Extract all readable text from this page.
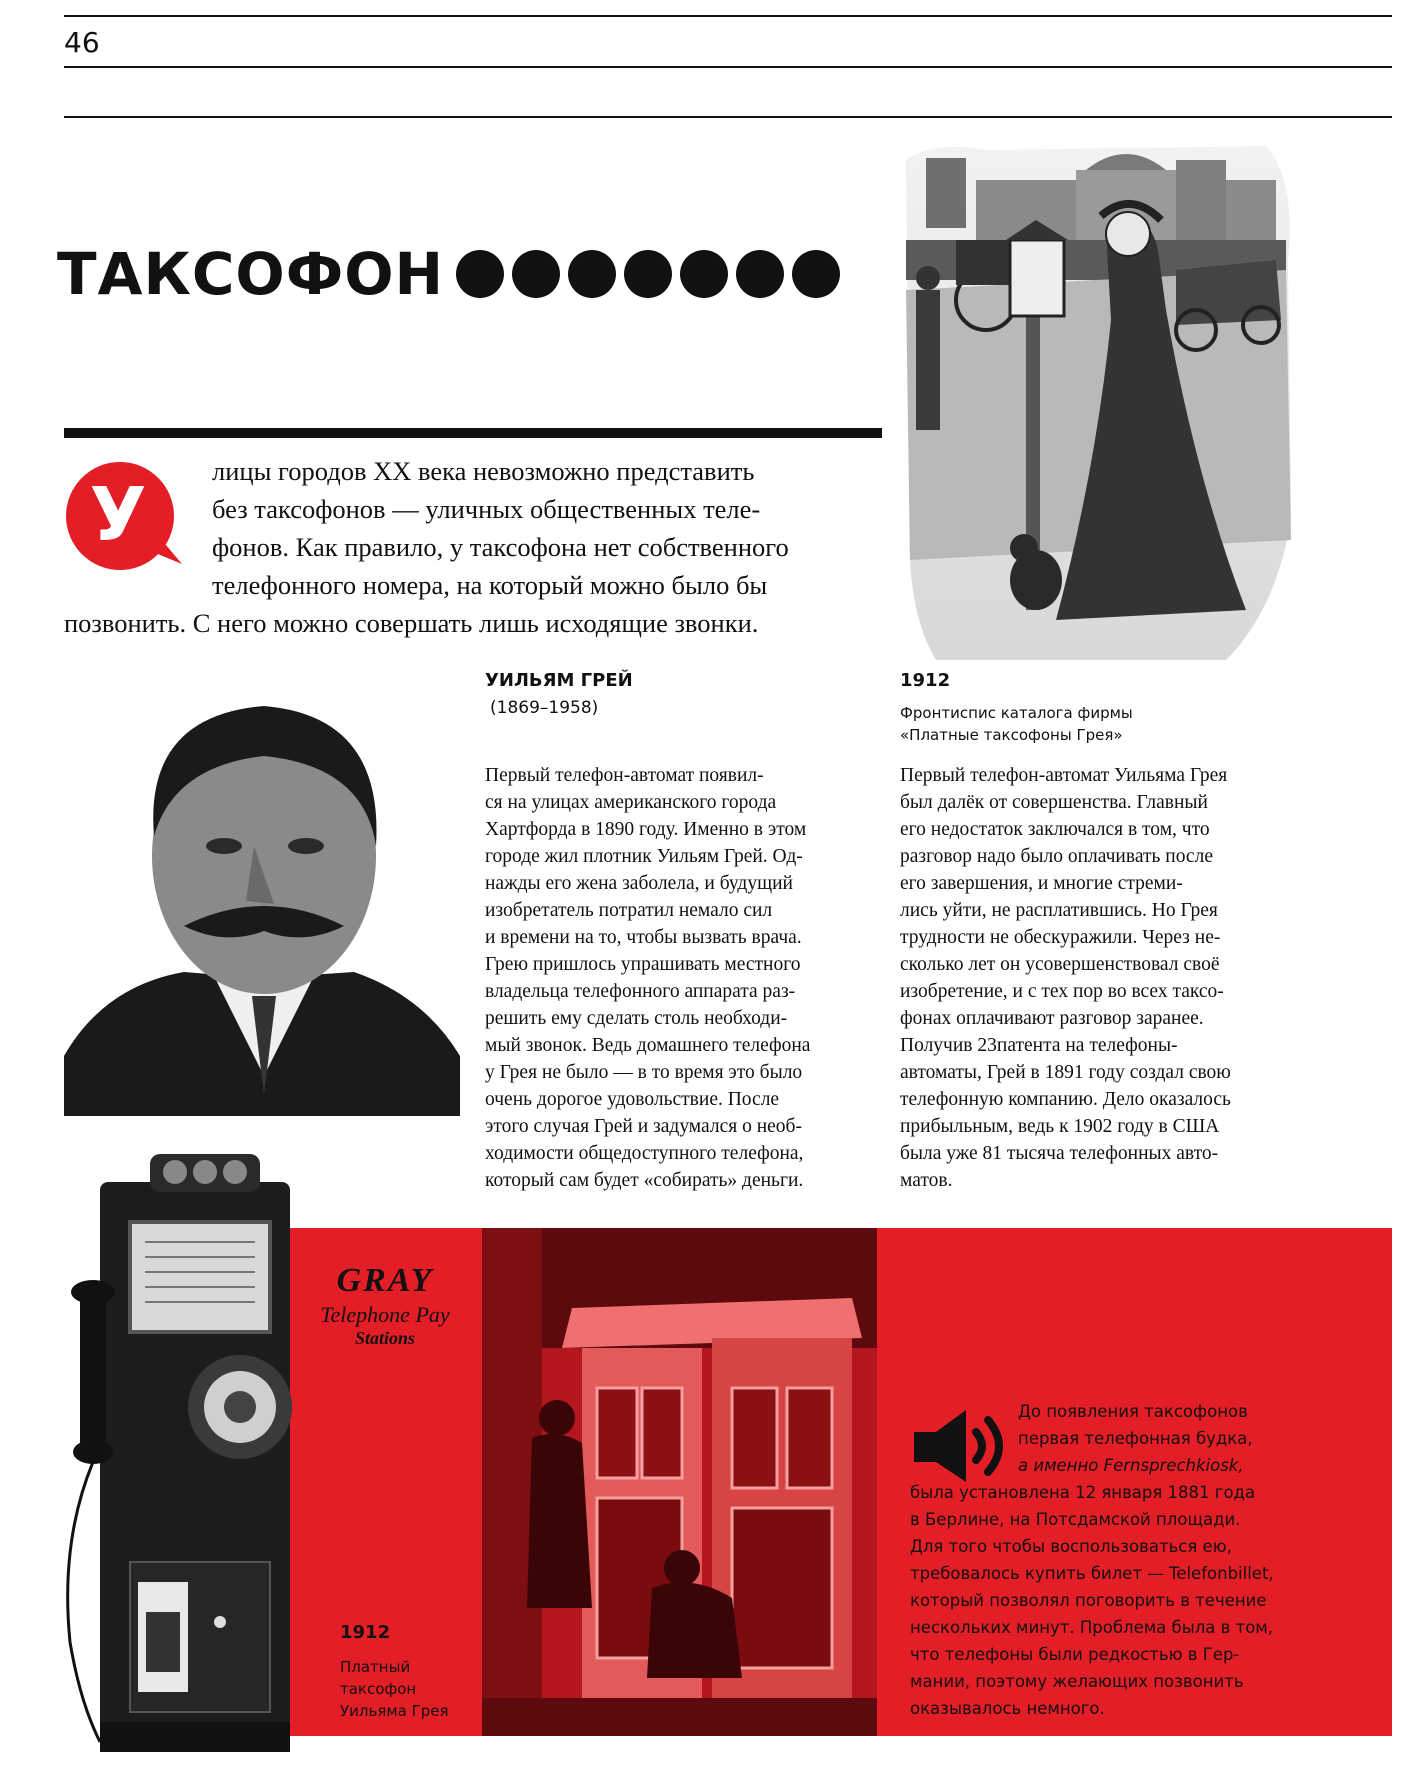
46
ТАКСОФОН
У
лицы городов XX века невозможно представить
без таксофонов — уличных общественных теле-
фонов. Как правило, у таксофона нет собственного
телефонного номера, на который можно было бы
позвонить. С него можно совершать лишь исходящие звонки.
1912
Фронтиспис каталога фирмы
«Платные таксофоны Грея»
УИЛЬЯМ ГРЕЙ
(1869–1958)
Первый телефон-автомат появил-
ся на улицах американского города
Хартфорда в 1890 году. Именно в этом
городе жил плотник Уильям Грей. Од-
нажды его жена заболела, и будущий
изобретатель потратил немало сил
и времени на то, чтобы вызвать врача.
Грею пришлось упрашивать местного
владельца телефонного аппарата раз-
решить ему сделать столь необходи-
мый звонок. Ведь домашнего телефона
у Грея не было — в то время это было
очень дорогое удовольствие. После
этого случая Грей и задумался о необ-
ходимости общедоступного телефона,
который сам будет «собирать» деньги.
Первый телефон-автомат Уильяма Грея
был далёк от совершенства. Главный
его недостаток заключался в том, что
разговор надо было оплачивать после
его завершения, и многие стреми-
лись уйти, не расплатившись. Но Грея
трудности не обескуражили. Через не-
сколько лет он усовершенствовал своё
изобретение, и с тех пор во всех таксо-
фонах оплачивают разговор заранее.
Получив 23патента на телефоны-
автоматы, Грей в 1891 году создал свою
телефонную компанию. Дело оказалось
прибыльным, ведь к 1902 году в США
была уже 81 тысяча телефонных авто-
матов.
GRAY
Telephone Pay
Stations
1912
Платный
таксофон
Уильяма Грея
До появления таксофонов
первая телефонная будка,
а именно Fernsprechkiosk,
была установлена 12 января 1881 года
в Берлине, на Потсдамской площади.
Для того чтобы воспользоваться ею,
требовалось купить билет — Telefonbillet,
который позволял поговорить в течение
нескольких минут. Проблема была в том,
что телефоны были редкостью в Гер-
мании, поэтому желающих позвонить
оказывалось немного.
